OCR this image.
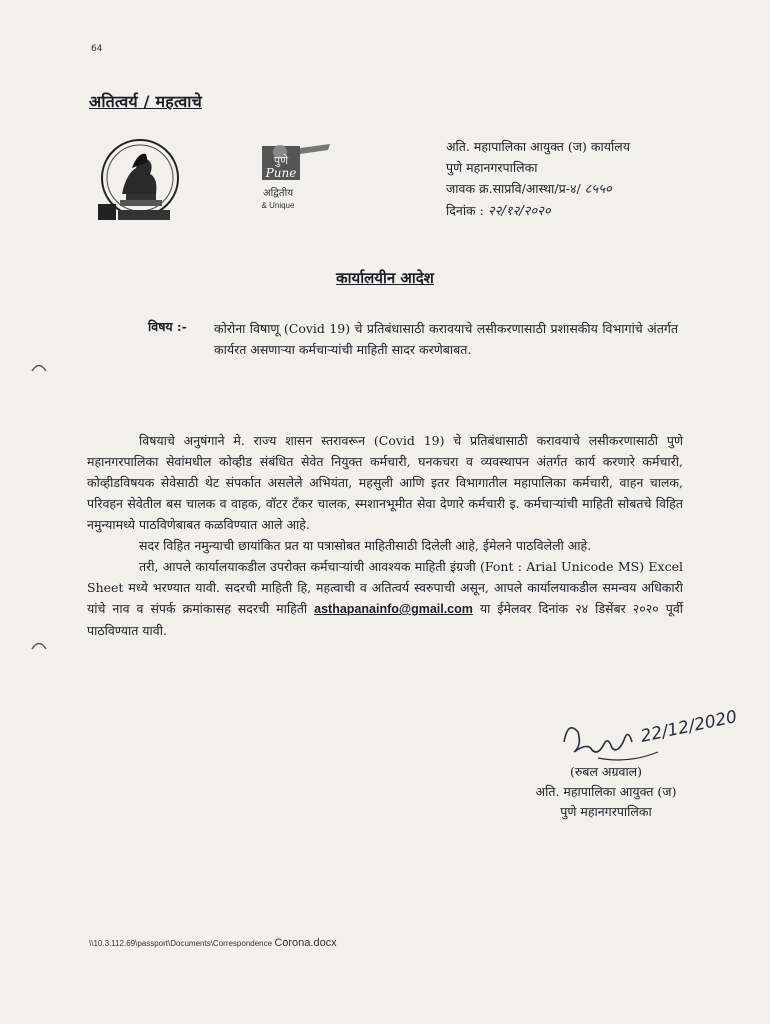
64
अतित्वर्य / महत्वाचे
पुणे
Pune
अद्वितीय
& Unique
अति. महापालिका आयुक्त (ज) कार्यालय
पुणे महानगरपालिका
जावक क्र.साप्रवि/आस्था/प्र-४/ ८५५०
दिनांक : २२/१२/२०२०
कार्यालयीन आदेश
विषय :- कोरोना विषाणू (Covid 19) चे प्रतिबंधासाठी करावयाचे लसीकरणासाठी प्रशासकीय विभागांचे अंतर्गत कार्यरत असणाऱ्या कर्मचाऱ्यांची माहिती सादर करणेबाबत.

विषयाचे अनुषंगाने मे. राज्य शासन स्तरावरून (Covid 19) चे प्रतिबंधासाठी करावयाचे लसीकरणासाठी पुणे महानगरपालिका सेवांमधील कोव्हीड संबंधित सेवेत नियुक्त कर्मचारी, घनकचरा व व्यवस्थापन अंतर्गत कार्य करणारे कर्मचारी, कोव्हीडविषयक सेवेसाठी थेट संपर्कात असलेले अभियंता, महसुली आणि इतर विभागातील महापालिका कर्मचारी, वाहन चालक, परिवहन सेवेतील बस चालक व वाहक, वॉटर टँकर चालक, स्मशानभूमीत सेवा देणारे कर्मचारी इ. कर्मचाऱ्यांची माहिती सोबतचे विहित नमुन्यामध्ये पाठविणेबाबत कळविण्यात आले आहे.

सदर विहित नमुन्याची छायांकित प्रत या पत्रासोबत माहितीसाठी दिलेली आहे, ईमेलने पाठविलेली आहे.

तरी, आपले कार्यालयाकडील उपरोक्त कर्मचाऱ्यांची आवश्यक माहिती इंग्रजी (Font : Arial Unicode MS) Excel Sheet मध्ये भरण्यात यावी. सदरची माहिती हि, महत्वाची व अतित्वर्य स्वरुपाची असून, आपले कार्यालयाकडील समन्वय अधिकारी यांचे नाव व संपर्क क्रमांकासह सदरची माहिती asthapanainfo@gmail.com या ईमेलवर दिनांक २४ डिसेंबर २०२० पूर्वी पाठविण्यात यावी.

22/12/2020
(रुबल अग्रवाल)
अति. महापालिका आयुक्त (ज)
पुणे महानगरपालिका
\\10.3.112.69\passport\Documents\Correspondence Corona.docx
